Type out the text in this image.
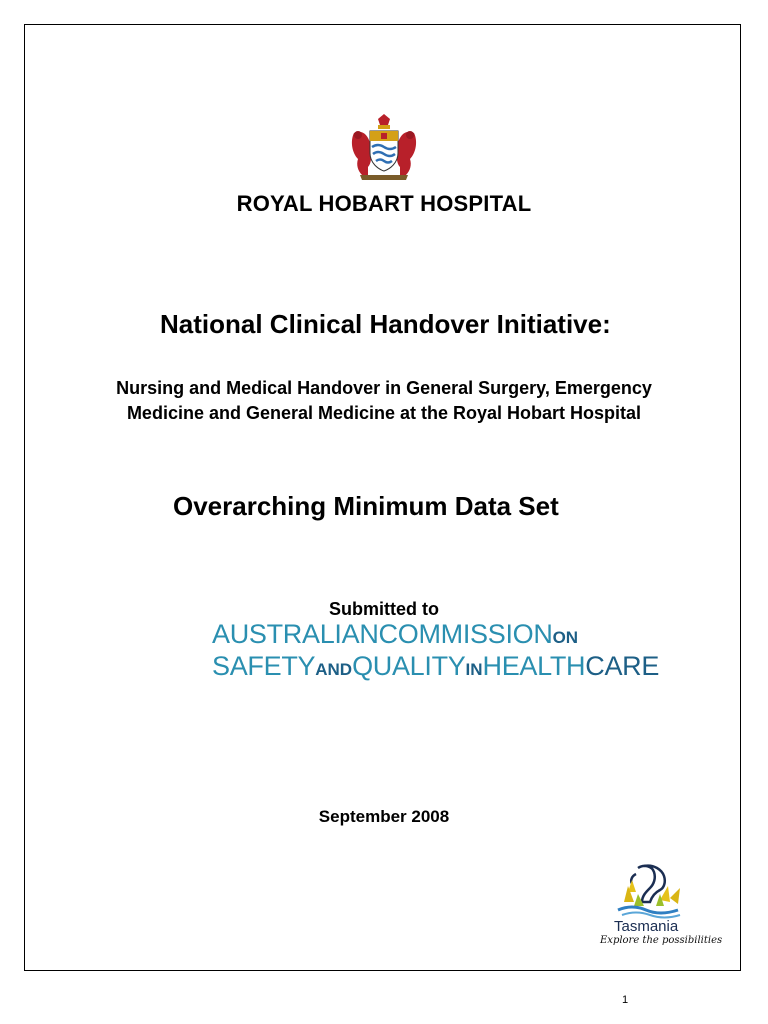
ROYAL HOBART HOSPITAL
National Clinical Handover Initiative:
Nursing and Medical Handover in General Surgery, Emergency
Medicine and General Medicine at the Royal Hobart Hospital
Overarching Minimum Data Set
Submitted to
AUSTRALIANCOMMISSIONON
SAFETYANDQUALITYINHEALTHCARE
September 2008
Tasmania
Explore the possibilities
1
